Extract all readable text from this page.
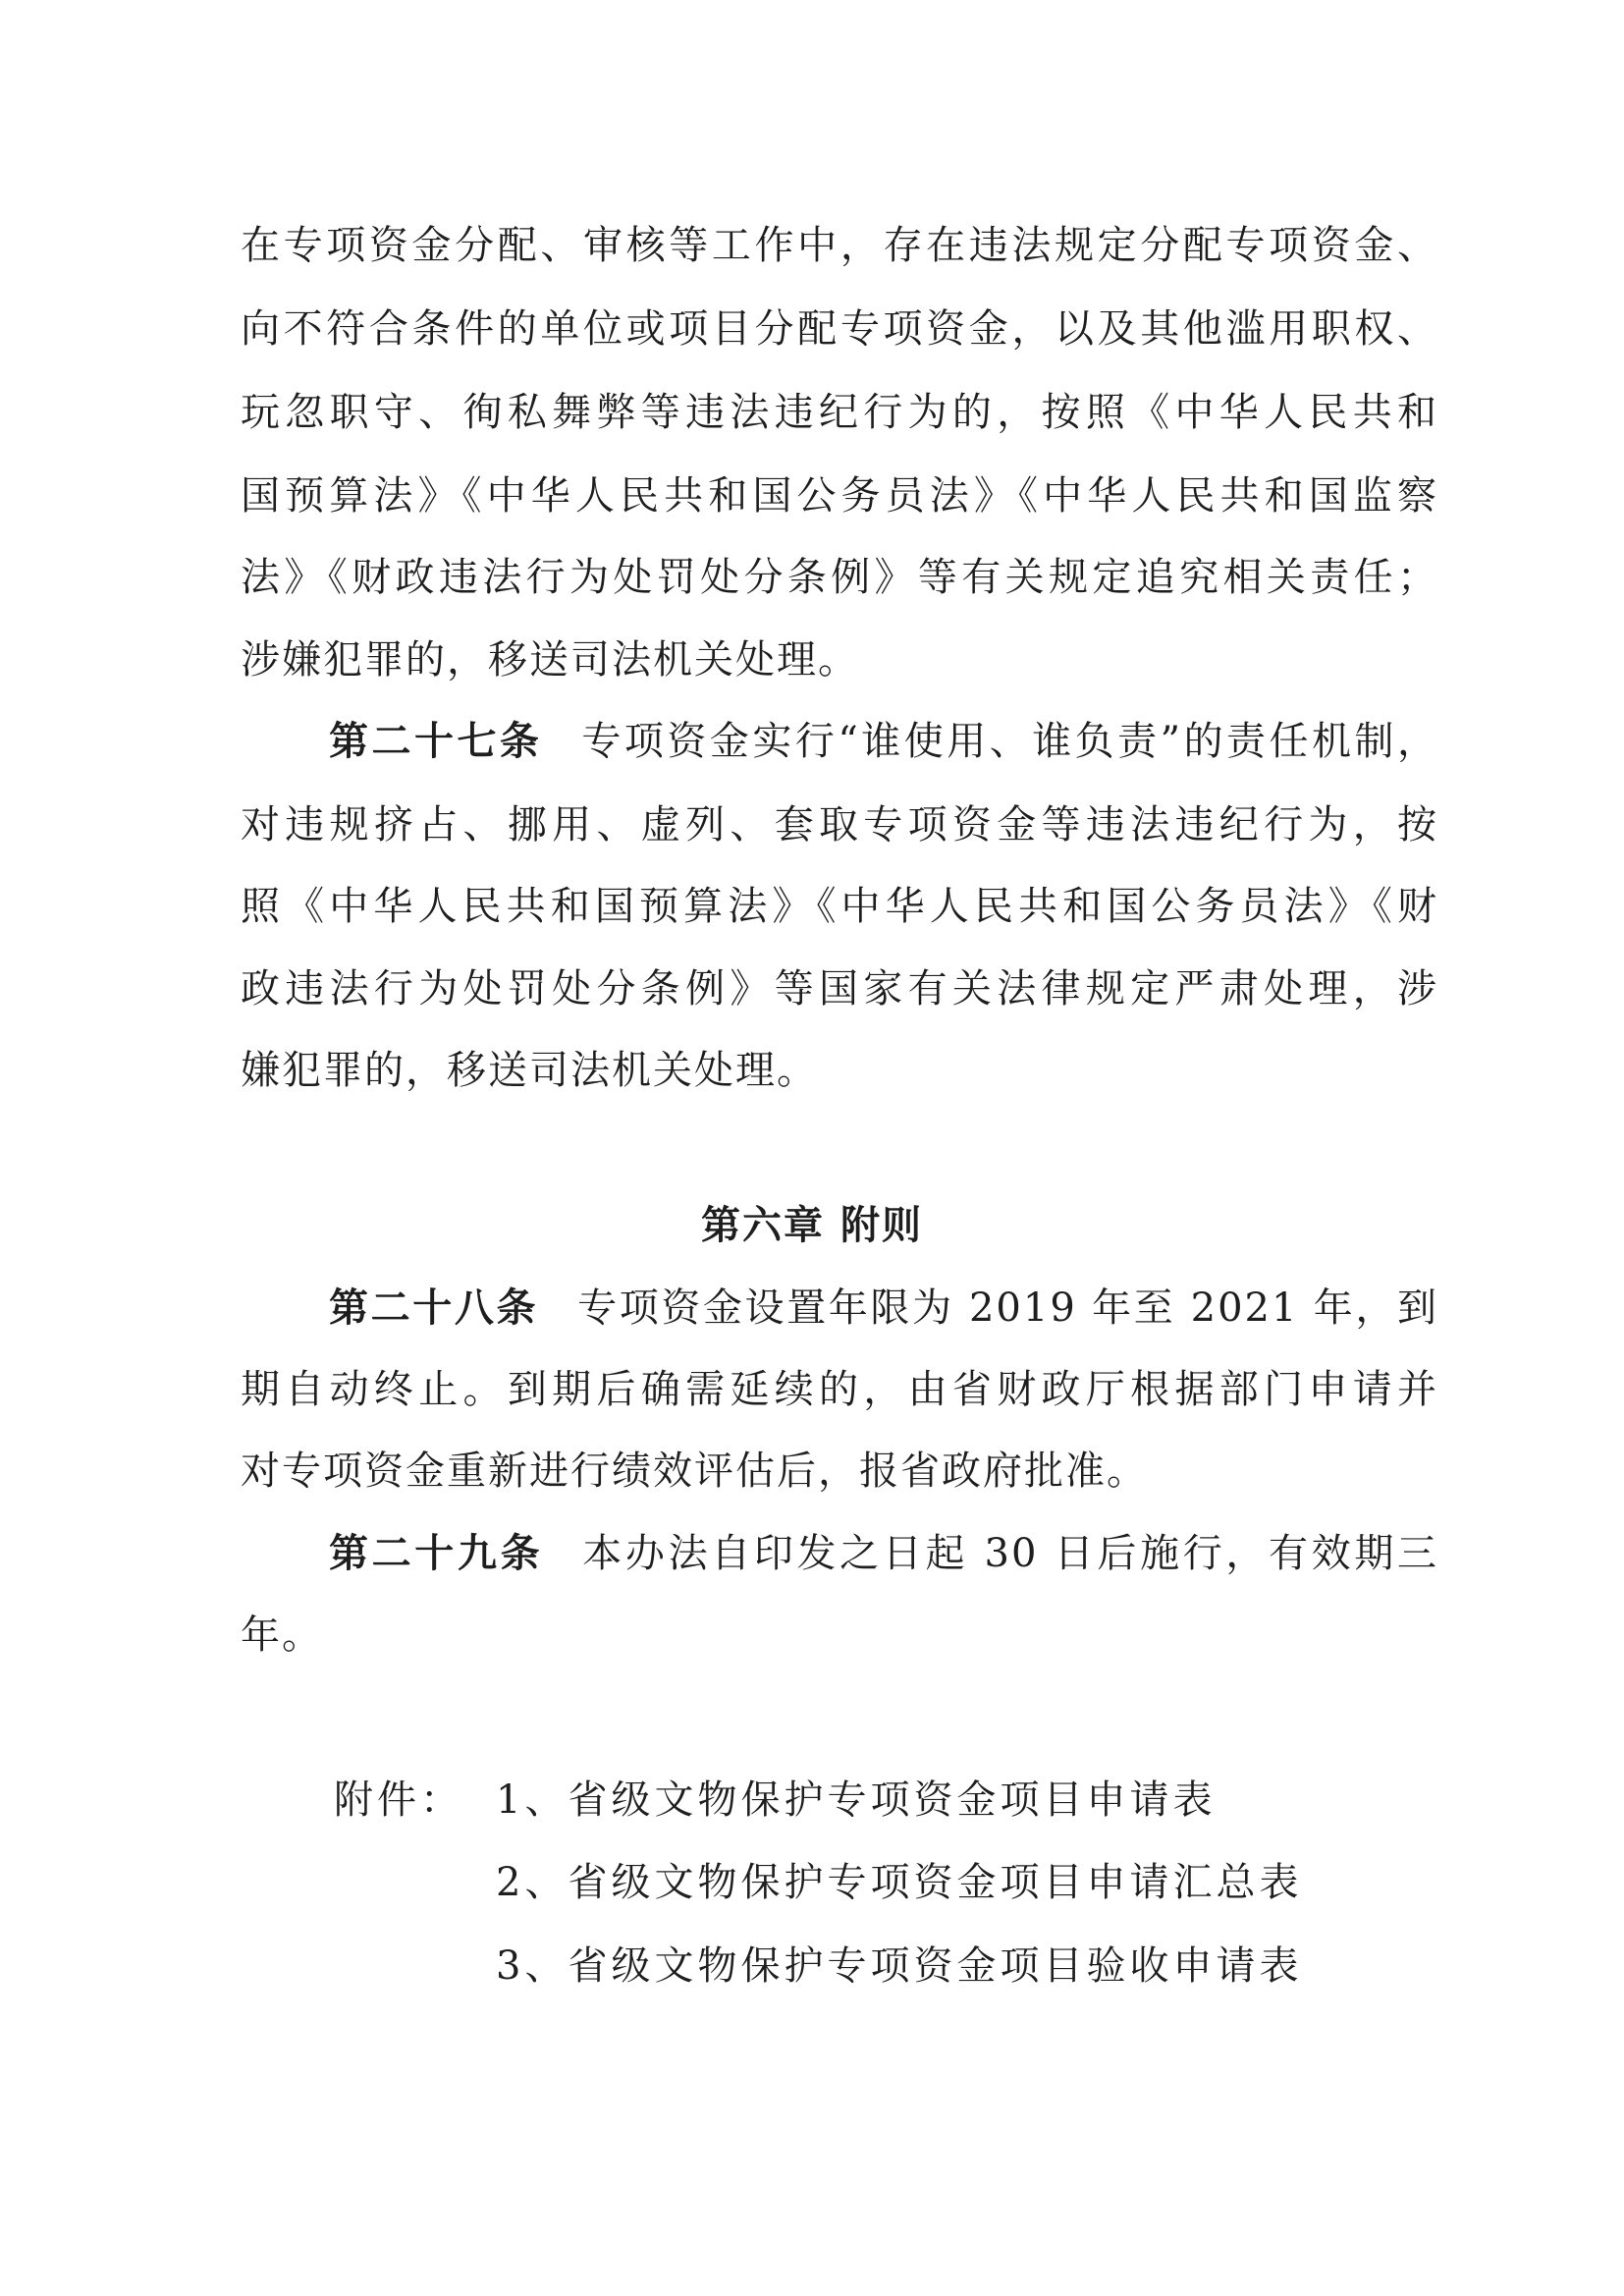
在专项资金分配、审核等工作中，存在违法规定分配专项资金、
向不符合条件的单位或项目分配专项资金，以及其他滥用职权、
玩忽职守、徇私舞弊等违法违纪行为的，按照《中华人民共和
国预算法》《中华人民共和国公务员法》《中华人民共和国监察
法》《财政违法行为处罚处分条例》等有关规定追究相关责任；
涉嫌犯罪的，移送司法机关处理。
第二十七条 专项资金实行“谁使用、谁负责”的责任机制，
对违规挤占、挪用、虚列、套取专项资金等违法违纪行为，按
照《中华人民共和国预算法》《中华人民共和国公务员法》《财
政违法行为处罚处分条例》等国家有关法律规定严肃处理，涉
嫌犯罪的，移送司法机关处理。
第六章 附则
第二十八条 专项资金设置年限为 2019 年至 2021 年，到
期自动终止。到期后确需延续的，由省财政厅根据部门申请并
对专项资金重新进行绩效评估后，报省政府批准。
第二十九条 本办法自印发之日起 30 日后施行，有效期三
年。
附件： 1、省级文物保护专项资金项目申请表
2、省级文物保护专项资金项目申请汇总表
3、省级文物保护专项资金项目验收申请表
